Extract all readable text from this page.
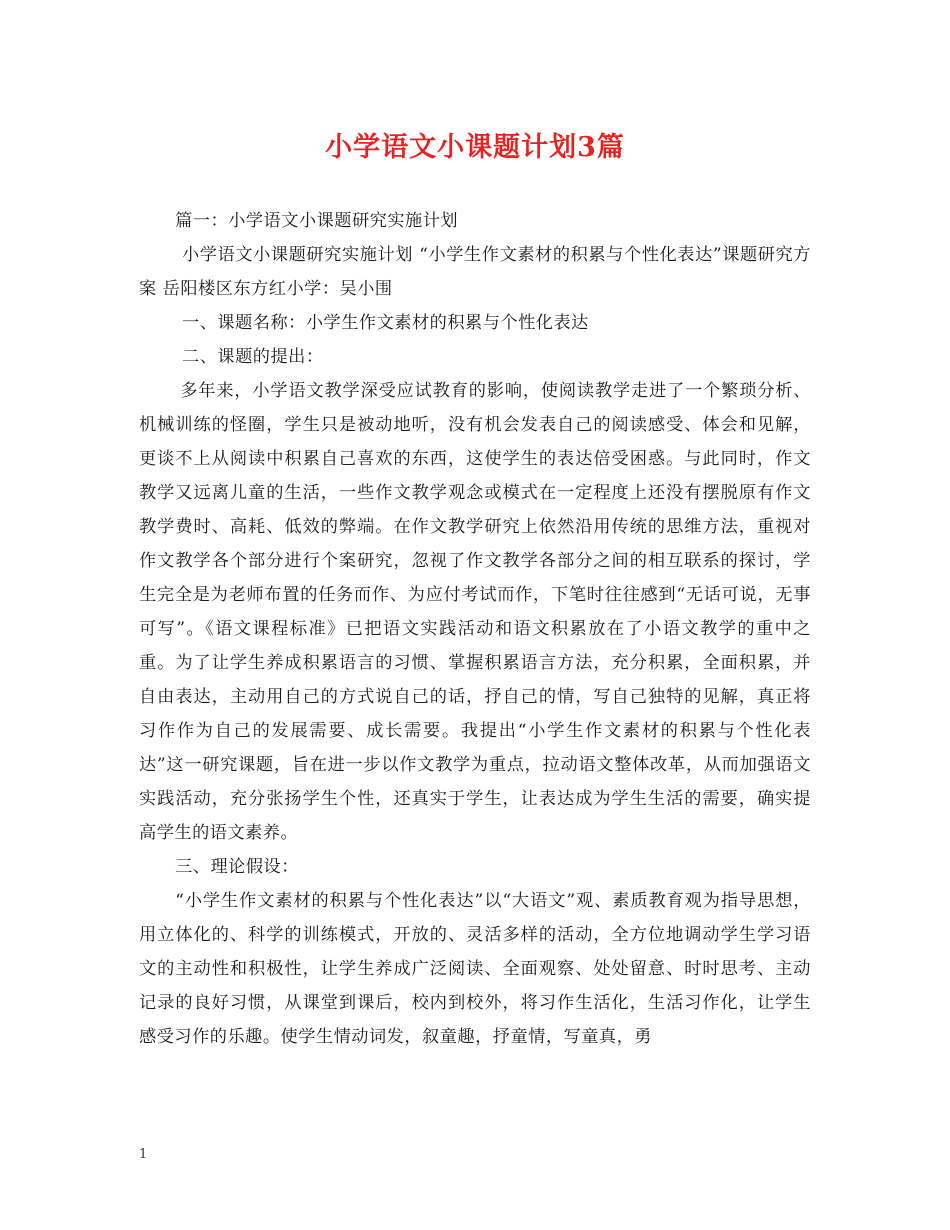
小学语文小课题计划3篇

篇一：小学语文小课题研究实施计划

小学语文小课题研究实施计划 “小学生作文素材的积累与个性化表达”课题研究方案 岳阳楼区东方红小学：吴小围

一、课题名称：小学生作文素材的积累与个性化表达

二、课题的提出：

多年来，小学语文教学深受应试教育的影响，使阅读教学走进了一个繁琐分析、机械训练的怪圈，学生只是被动地听，没有机会发表自己的阅读感受、体会和见解，更谈不上从阅读中积累自己喜欢的东西，这使学生的表达倍受困惑。与此同时，作文教学又远离儿童的生活，一些作文教学观念或模式在一定程度上还没有摆脱原有作文教学费时、高耗、低效的弊端。在作文教学研究上依然沿用传统的思维方法，重视对作文教学各个部分进行个案研究，忽视了作文教学各部分之间的相互联系的探讨，学生完全是为老师布置的任务而作、为应付考试而作，下笔时往往感到“无话可说，无事可写”。《语文课程标准》已把语文实践活动和语文积累放在了小语文教学的重中之重。为了让学生养成积累语言的习惯、掌握积累语言方法，充分积累，全面积累，并自由表达，主动用自己的方式说自己的话，抒自己的情，写自己独特的见解，真正将习作作为自己的发展需要、成长需要。我提出“小学生作文素材的积累与个性化表达”这一研究课题，旨在进一步以作文教学为重点，拉动语文整体改革，从而加强语文实践活动，充分张扬学生个性，还真实于学生，让表达成为学生生活的需要，确实提高学生的语文素养。

三、理论假设：

“小学生作文素材的积累与个性化表达”以“大语文”观、素质教育观为指导思想，用立体化的、科学的训练模式，开放的、灵活多样的活动，全方位地调动学生学习语文的主动性和积极性，让学生养成广泛阅读、全面观察、处处留意、时时思考、主动记录的良好习惯，从课堂到课后，校内到校外，将习作生活化，生活习作化，让学生感受习作的乐趣。使学生情动词发，叙童趣，抒童情，写童真，勇

1
